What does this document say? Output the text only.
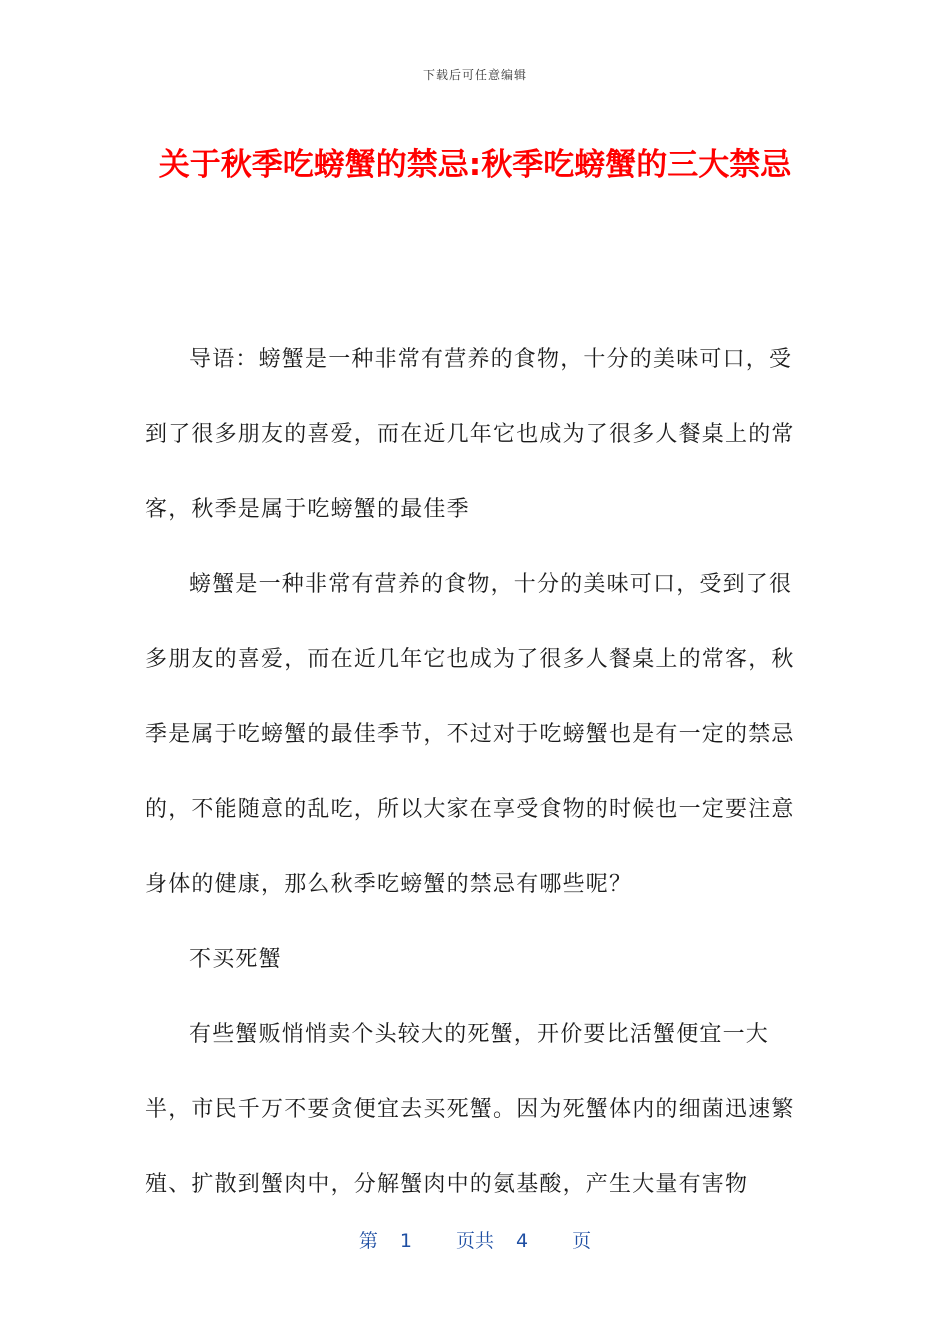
下载后可任意编辑
关于秋季吃螃蟹的禁忌:秋季吃螃蟹的三大禁忌

导语：螃蟹是一种非常有营养的食物，十分的美味可口，受到了很多朋友的喜爱，而在近几年它也成为了很多人餐桌上的常客，秋季是属于吃螃蟹的最佳季

螃蟹是一种非常有营养的食物，十分的美味可口，受到了很多朋友的喜爱，而在近几年它也成为了很多人餐桌上的常客，秋季是属于吃螃蟹的最佳季节，不过对于吃螃蟹也是有一定的禁忌的，不能随意的乱吃，所以大家在享受食物的时候也一定要注意身体的健康，那么秋季吃螃蟹的禁忌有哪些呢？

不买死蟹

有些蟹贩悄悄卖个头较大的死蟹，开价要比活蟹便宜一大半，市民千万不要贪便宜去买死蟹。因为死蟹体内的细菌迅速繁殖、扩散到蟹肉中，分解蟹肉中的氨基酸，产生大量有害物

第 1 页共 4 页
